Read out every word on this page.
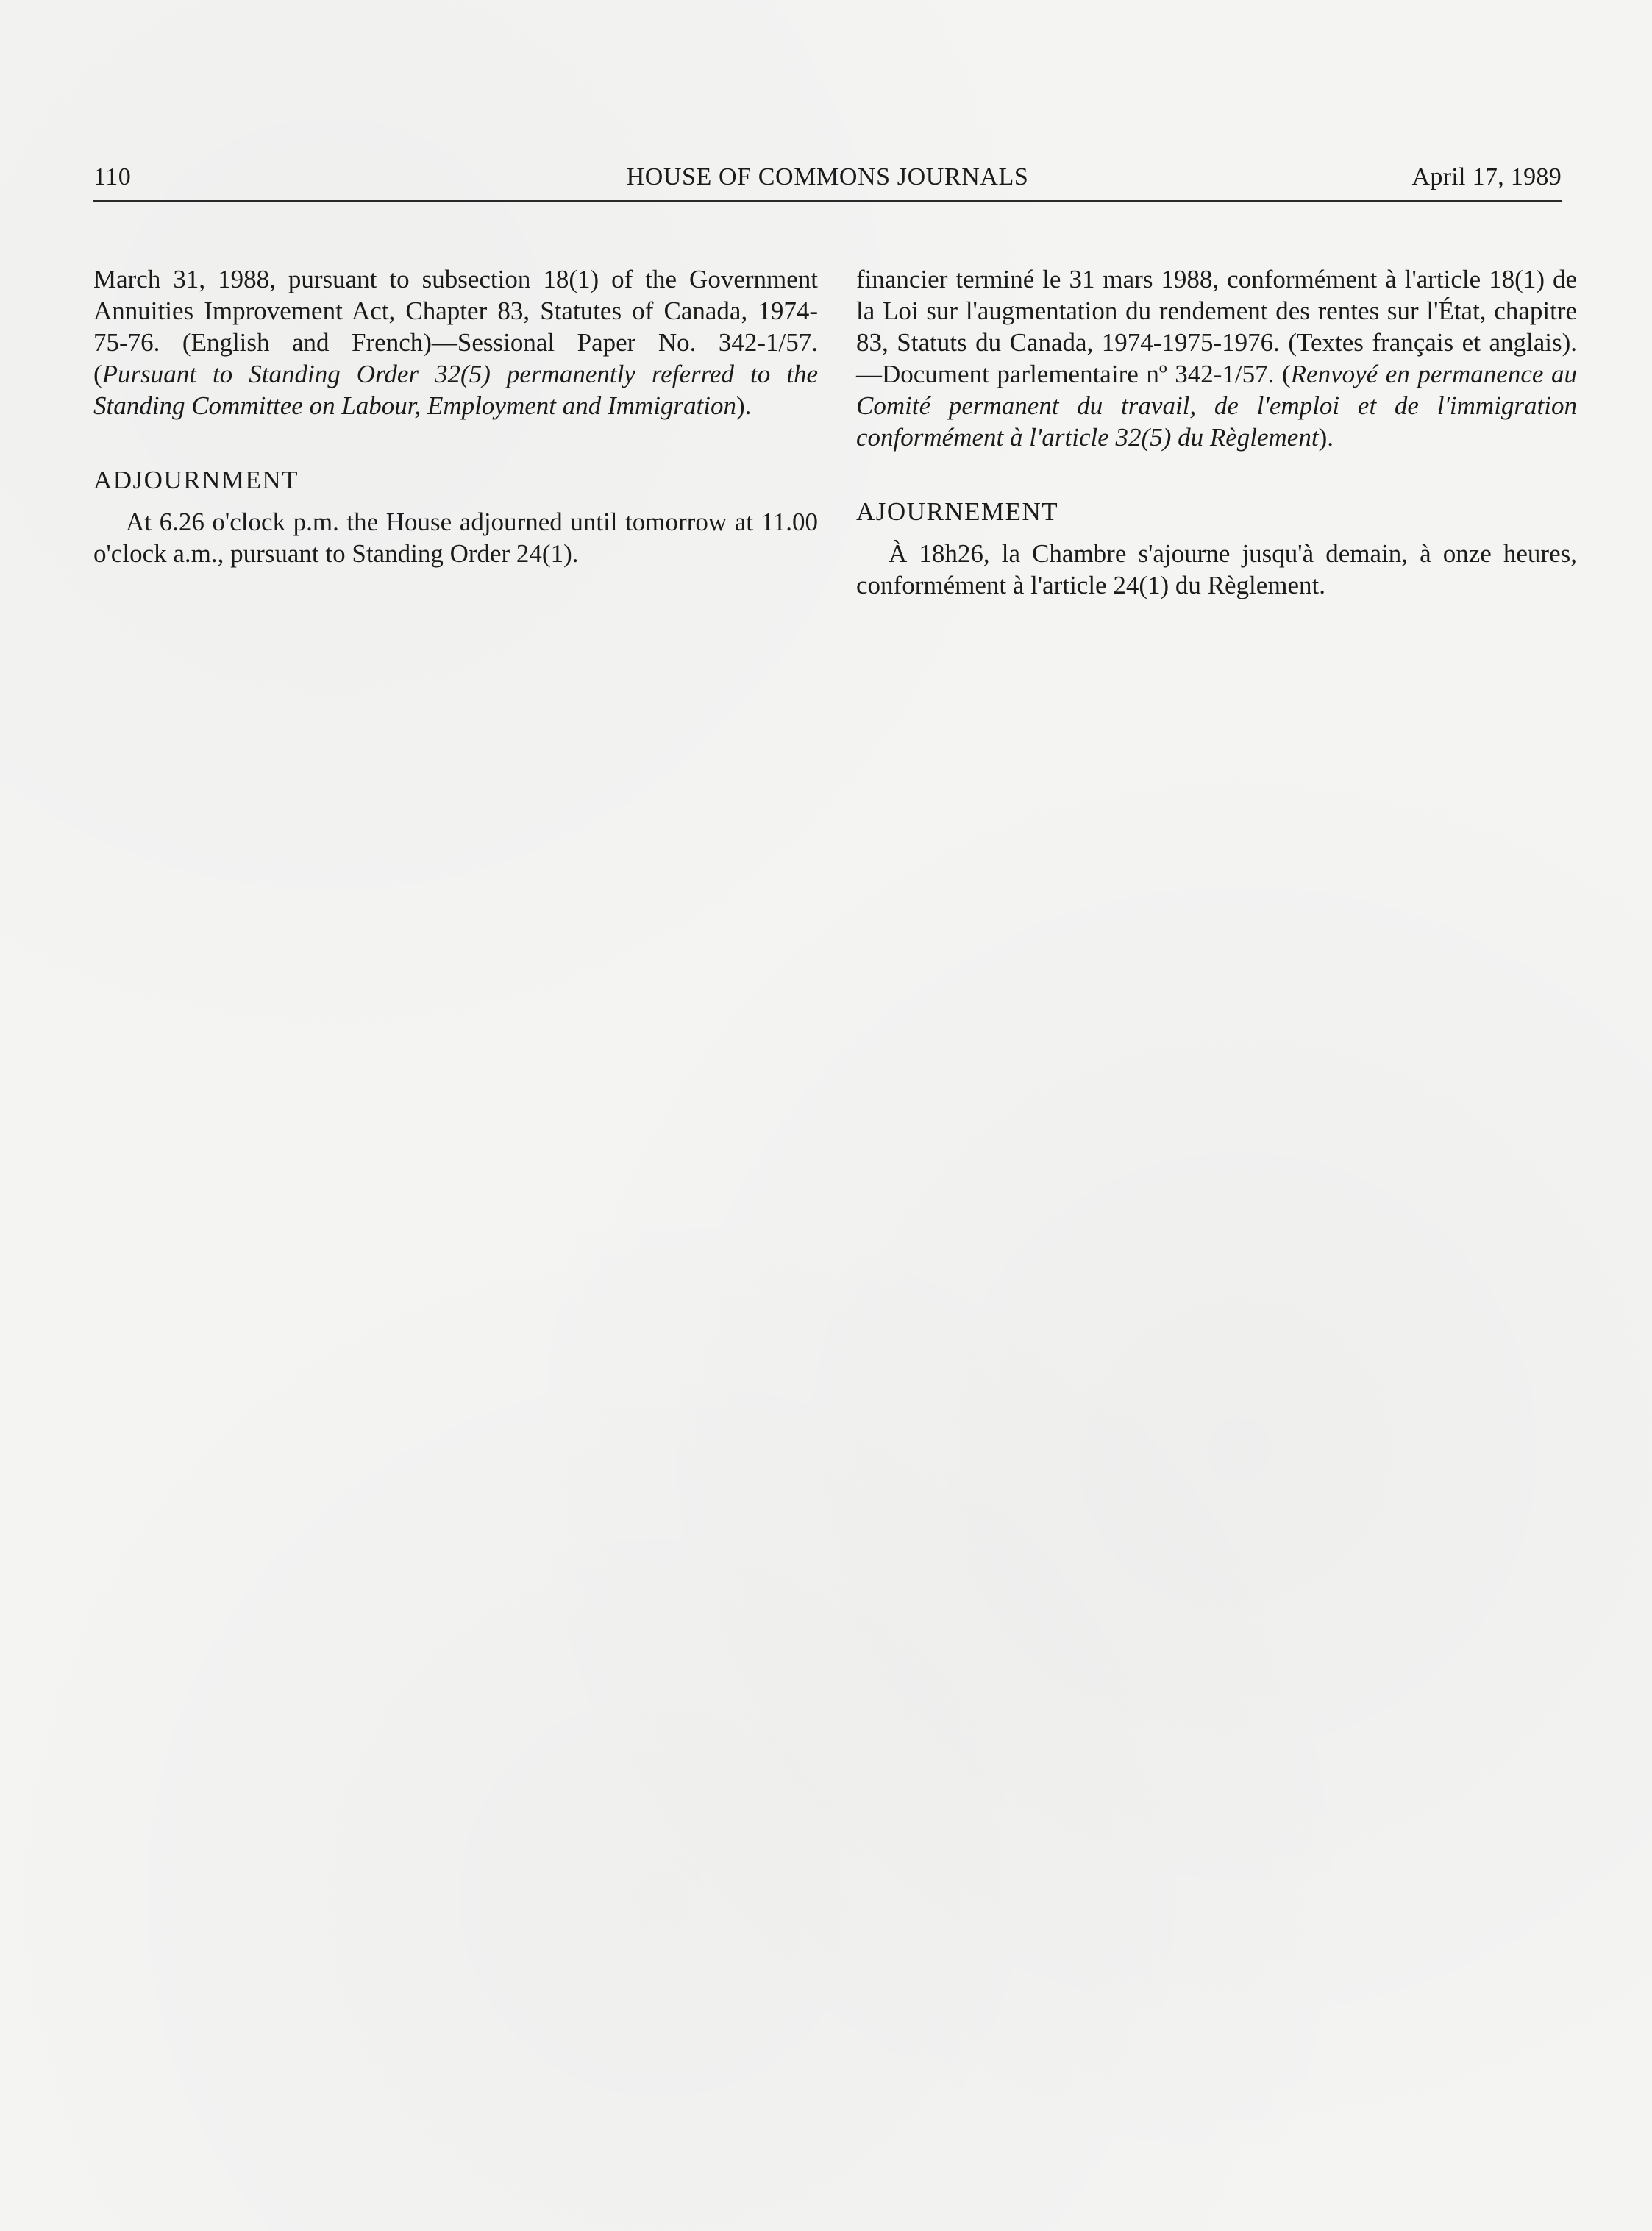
110	HOUSE OF COMMONS JOURNALS	April 17, 1989

March 31, 1988, pursuant to subsection 18(1) of the Government Annuities Improvement Act, Chapter 83, Statutes of Canada, 1974-75-76. (English and French)—Sessional Paper No. 342-1/57. (Pursuant to Standing Order 32(5) permanently referred to the Standing Committee on Labour, Employment and Immigration).

ADJOURNMENT

At 6.26 o'clock p.m. the House adjourned until tomorrow at 11.00 o'clock a.m., pursuant to Standing Order 24(1).

financier terminé le 31 mars 1988, conformément à l'article 18(1) de la Loi sur l'augmentation du rendement des rentes sur l'État, chapitre 83, Statuts du Canada, 1974-1975-1976. (Textes français et anglais).—Document parlementaire nº 342-1/57. (Renvoyé en permanence au Comité permanent du travail, de l'emploi et de l'immigration conformément à l'article 32(5) du Règlement).

AJOURNEMENT

À 18h26, la Chambre s'ajourne jusqu'à demain, à onze heures, conformément à l'article 24(1) du Règlement.
